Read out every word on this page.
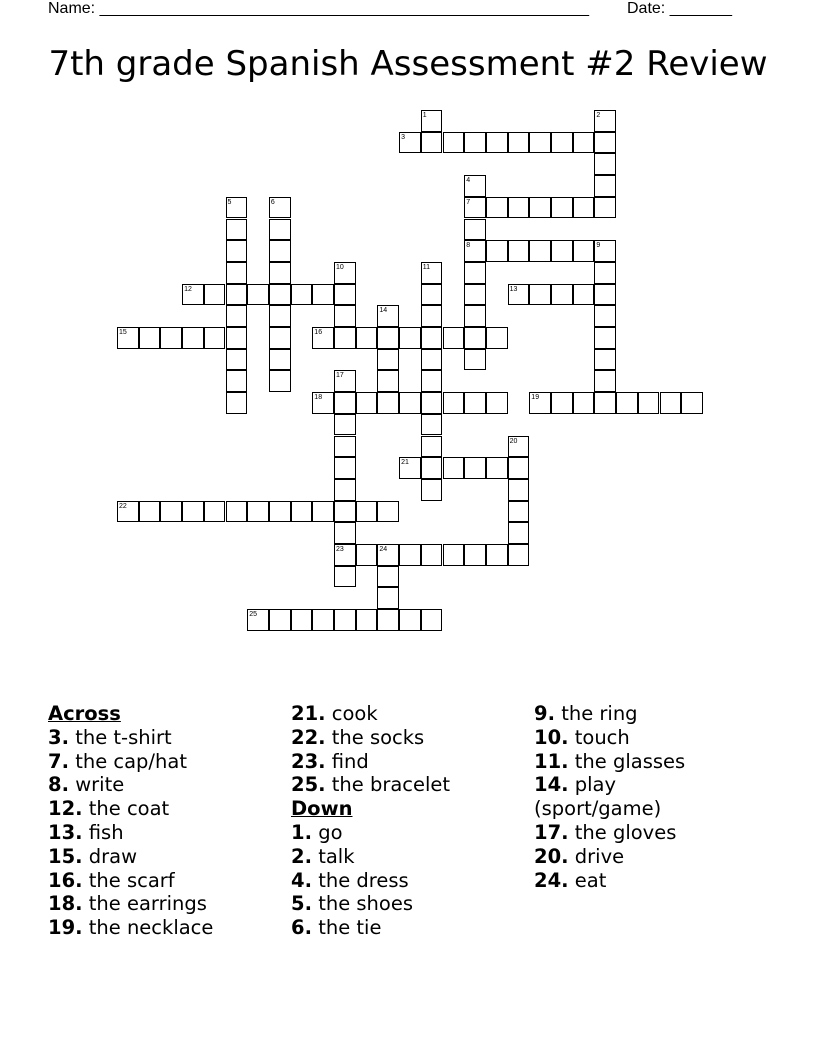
Name: _______________________________________________________ Date: _______
7th grade Spanish Assessment #2 Review
1	2
3
4
5	6	7
8	9
10	11
12	13
14
15	16
17
18	19
20
21
22
23	24
25
Across
3. the t-shirt
7. the cap/hat
8. write
12. the coat
13. fish
15. draw
16. the scarf
18. the earrings
19. the necklace
21. cook
22. the socks
23. find
25. the bracelet
Down
1. go
2. talk
4. the dress
5. the shoes
6. the tie
9. the ring
10. touch
11. the glasses
14. play (sport/game)
17. the gloves
20. drive
24. eat
